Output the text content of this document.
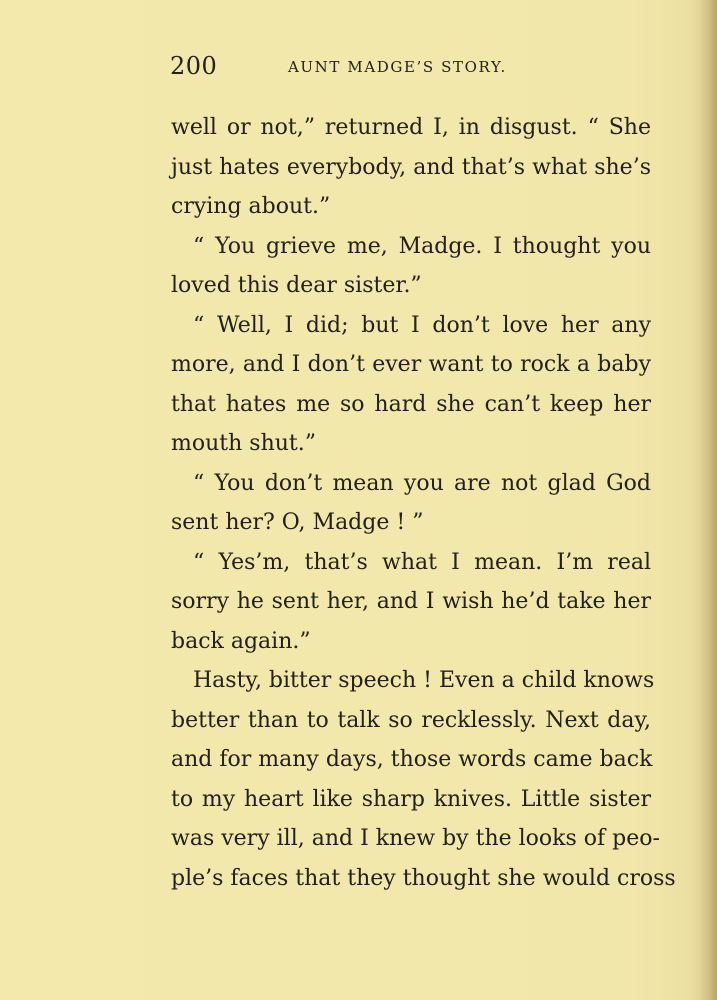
200	AUNT MADGE’S STORY.
well or not,” returned I, in disgust. “ She
just hates everybody, and that’s what she’s
crying about.”
“ You grieve me, Madge. I thought you
loved this dear sister.”
“ Well, I did; but I don’t love her any
more, and I don’t ever want to rock a baby
that hates me so hard she can’t keep her
mouth shut.”
“ You don’t mean you are not glad God
sent her? O, Madge ! ”
“ Yes’m, that’s what I mean. I’m real
sorry he sent her, and I wish he’d take her
back again.”
Hasty, bitter speech ! Even a child knows
better than to talk so recklessly. Next day,
and for many days, those words came back
to my heart like sharp knives. Little sister
was very ill, and I knew by the looks of peo-
ple’s faces that they thought she would cross
